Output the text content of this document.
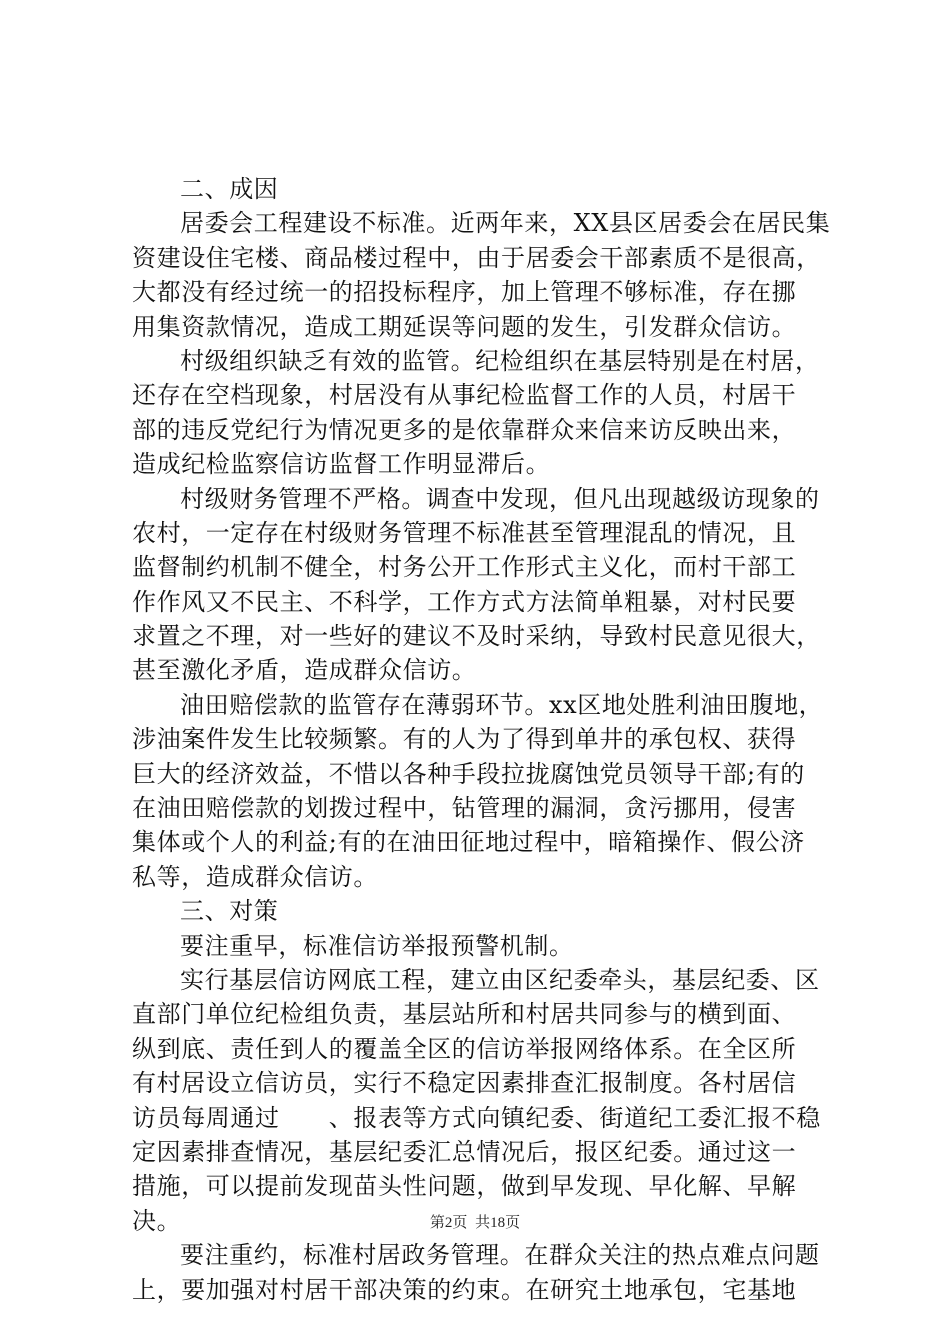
二、成因
居委会工程建设不标准。近两年来，XX县区居委会在居民集
资建设住宅楼、商品楼过程中，由于居委会干部素质不是很高，
大都没有经过统一的招投标程序，加上管理不够标准，存在挪
用集资款情况，造成工期延误等问题的发生，引发群众信访。
村级组织缺乏有效的监管。纪检组织在基层特别是在村居，
还存在空档现象，村居没有从事纪检监督工作的人员，村居干
部的违反党纪行为情况更多的是依靠群众来信来访反映出来，
造成纪检监察信访监督工作明显滞后。
村级财务管理不严格。调查中发现，但凡出现越级访现象的
农村，一定存在村级财务管理不标准甚至管理混乱的情况，且
监督制约机制不健全，村务公开工作形式主义化，而村干部工
作作风又不民主、不科学，工作方式方法简单粗暴，对村民要
求置之不理，对一些好的建议不及时采纳，导致村民意见很大，
甚至激化矛盾，造成群众信访。
油田赔偿款的监管存在薄弱环节。xx区地处胜利油田腹地，
涉油案件发生比较频繁。有的人为了得到单井的承包权、获得
巨大的经济效益，不惜以各种手段拉拢腐蚀党员领导干部;有的
在油田赔偿款的划拨过程中，钻管理的漏洞，贪污挪用，侵害
集体或个人的利益;有的在油田征地过程中，暗箱操作、假公济
私等，造成群众信访。
三、对策
要注重早，标准信访举报预警机制。
实行基层信访网底工程，建立由区纪委牵头，基层纪委、区
直部门单位纪检组负责，基层站所和村居共同参与的横到面、
纵到底、责任到人的覆盖全区的信访举报网络体系。在全区所
有村居设立信访员，实行不稳定因素排查汇报制度。各村居信
访员每周通过　　、报表等方式向镇纪委、街道纪工委汇报不稳
定因素排查情况，基层纪委汇总情况后，报区纪委。通过这一
措施，可以提前发现苗头性问题，做到早发现、早化解、早解
决。
要注重约，标准村居政务管理。在群众关注的热点难点问题
上，要加强对村居干部决策的约束。在研究土地承包，宅基地
第2页 共18页
